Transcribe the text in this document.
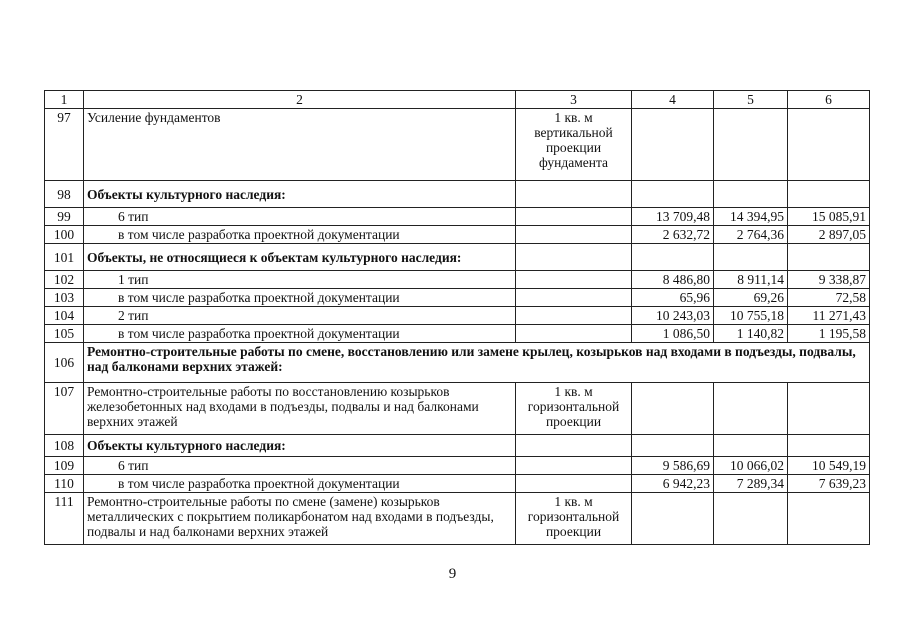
1	2	3	4	5	6
97	Усиление фундаментов	1 кв. м вертикальной проекции фундамента			
98	Объекты культурного наследия:				
99	6 тип		13 709,48	14 394,95	15 085,91
100	в том числе разработка проектной документации		2 632,72	2 764,36	2 897,05
101	Объекты, не относящиеся к объектам культурного наследия:				
102	1 тип		8 486,80	8 911,14	9 338,87
103	в том числе разработка проектной документации		65,96	69,26	72,58
104	2 тип		10 243,03	10 755,18	11 271,43
105	в том числе разработка проектной документации		1 086,50	1 140,82	1 195,58
106	Ремонтно-строительные работы по смене, восстановлению или замене крылец, козырьков над входами в подъезды, подвалы, над балконами верхних этажей:				
107	Ремонтно-строительные работы по восстановлению козырьков железобетонных над входами в подъезды, подвалы и над балконами верхних этажей	1 кв. м горизонтальной проекции			
108	Объекты культурного наследия:				
109	6 тип		9 586,69	10 066,02	10 549,19
110	в том числе разработка проектной документации		6 942,23	7 289,34	7 639,23
111	Ремонтно-строительные работы по смене (замене) козырьков металлических с покрытием поликарбонатом над входами в подъезды, подвалы и над балконами верхних этажей	1 кв. м горизонтальной проекции			
9
